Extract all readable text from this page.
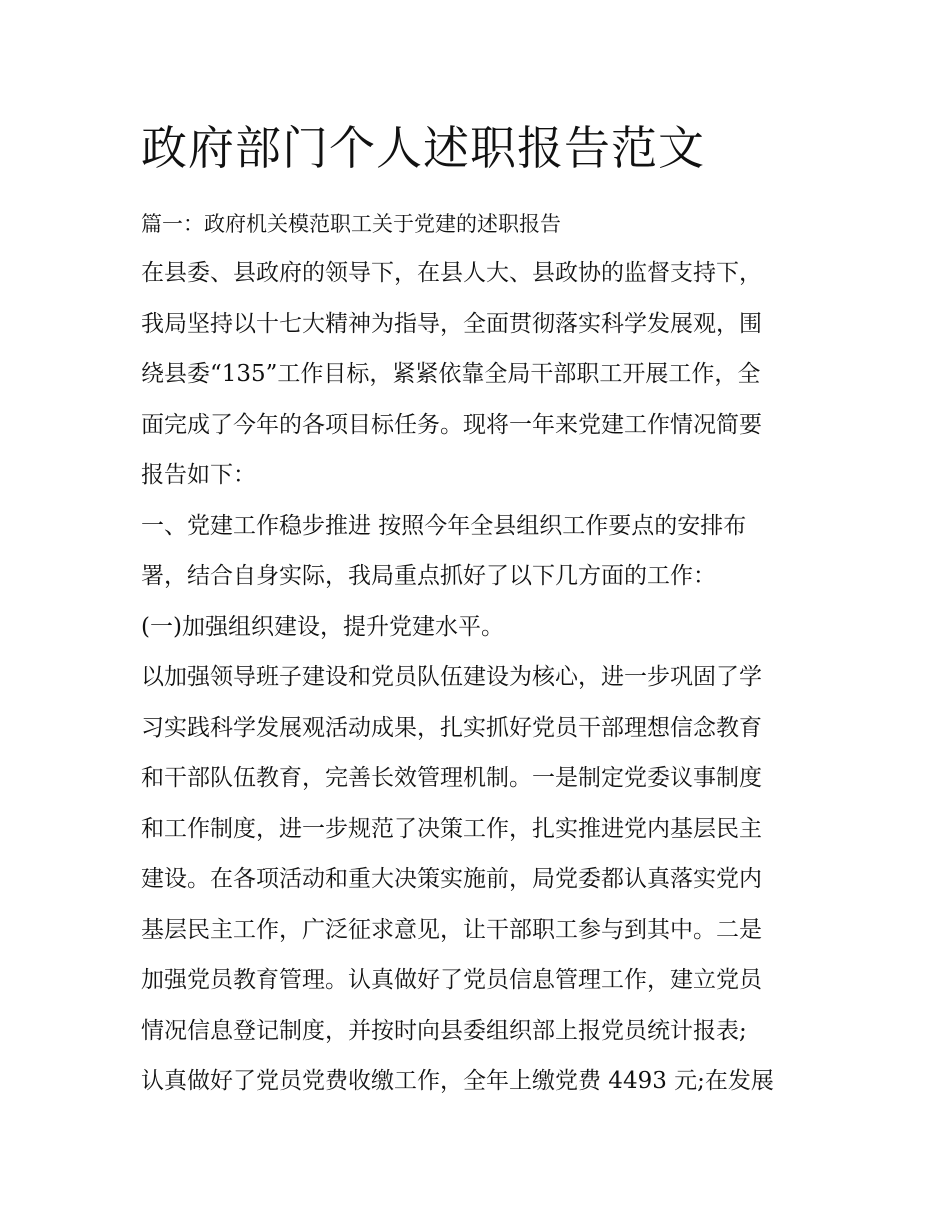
政府部门个人述职报告范文
篇一：政府机关模范职工关于党建的述职报告
在县委、县政府的领导下，在县人大、县政协的监督支持下，
我局坚持以十七大精神为指导，全面贯彻落实科学发展观，围
绕县委“135”工作目标，紧紧依靠全局干部职工开展工作，全
面完成了今年的各项目标任务。现将一年来党建工作情况简要
报告如下：
一、党建工作稳步推进 按照今年全县组织工作要点的安排布
署，结合自身实际，我局重点抓好了以下几方面的工作：
(一)加强组织建设，提升党建水平。
以加强领导班子建设和党员队伍建设为核心，进一步巩固了学
习实践科学发展观活动成果，扎实抓好党员干部理想信念教育
和干部队伍教育，完善长效管理机制。一是制定党委议事制度
和工作制度，进一步规范了决策工作，扎实推进党内基层民主
建设。在各项活动和重大决策实施前，局党委都认真落实党内
基层民主工作，广泛征求意见，让干部职工参与到其中。二是
加强党员教育管理。认真做好了党员信息管理工作，建立党员
情况信息登记制度，并按时向县委组织部上报党员统计报表;
认真做好了党员党费收缴工作，全年上缴党费 4493 元;在发展
